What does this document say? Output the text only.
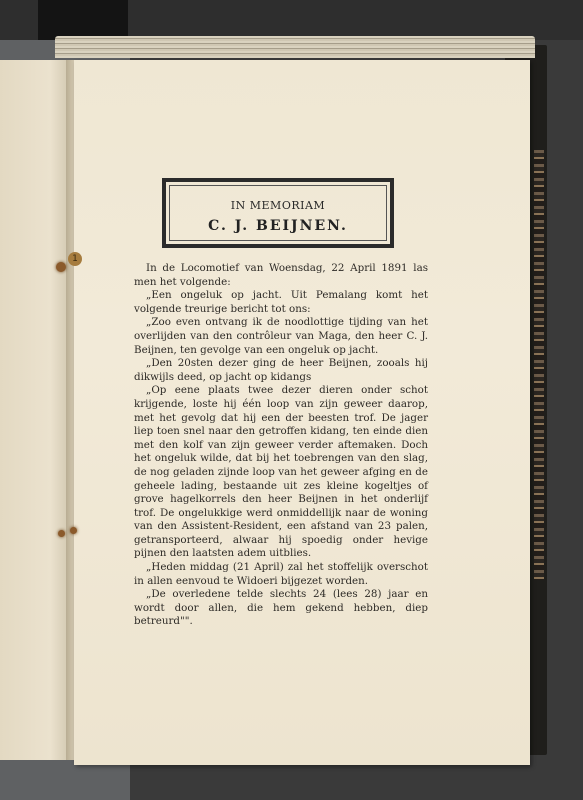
1
IN MEMORIAM
C. J. BEIJNEN.

In de Locomotief van Woensdag, 22 April 1891 las men het volgende:

„Een ongeluk op jacht. Uit Pemalang komt het volgende treurige bericht tot ons:

„Zoo even ontvang ik de noodlottige tijding van het overlijden van den contrôleur van Maga, den heer C. J. Beijnen, ten gevolge van een ongeluk op jacht.

„Den 20sten dezer ging de heer Beijnen, zooals hij dikwijls deed, op jacht op kidangs

„Op eene plaats twee dezer dieren onder schot krijgende, loste hij één loop van zijn geweer daarop, met het gevolg dat hij een der beesten trof. De jager liep toen snel naar den getroffen kidang, ten einde dien met den kolf van zijn geweer verder aftemaken. Doch het ongeluk wilde, dat bij het toebrengen van den slag, de nog geladen zijnde loop van het geweer afging en de geheele lading, bestaande uit zes kleine kogeltjes of grove hagelkorrels den heer Beijnen in het onderlijf trof. De ongelukkige werd onmiddellijk naar de woning van den Assistent-Resident, een afstand van 23 palen, getransporteerd, alwaar hij spoedig onder hevige pijnen den laatsten adem uitblies.

„Heden middag (21 April) zal het stoffelijk overschot in allen eenvoud te Widoeri bijgezet worden.

„De overledene telde slechts 24 (lees 28) jaar en wordt door allen, die hem gekend hebben, diep betreurd"".
